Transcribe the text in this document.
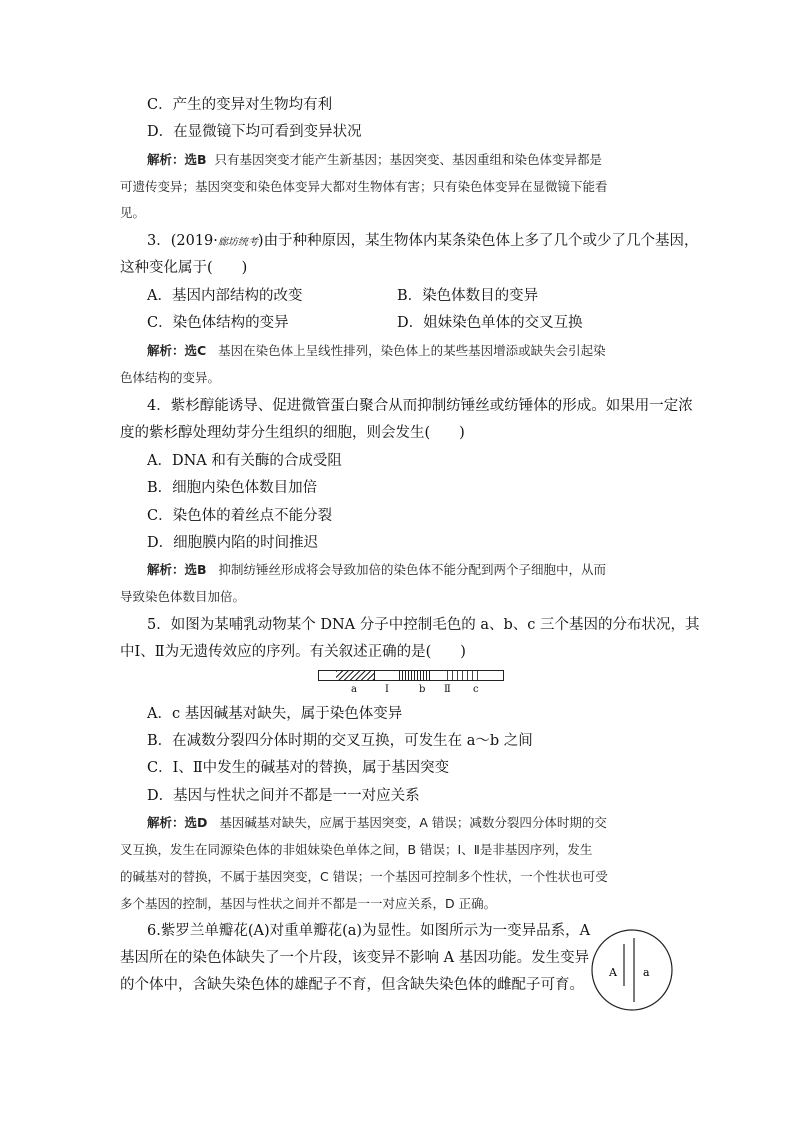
C．产生的变异对生物均有利
D．在显微镜下均可看到变异状况
解析：选B 只有基因突变才能产生新基因；基因突变、基因重组和染色体变异都是
可遗传变异；基因突变和染色体变异大都对生物体有害；只有染色体变异在显微镜下能看
见。
3．(2019·廊坊统考)由于种种原因，某生物体内某条染色体上多了几个或少了几个基因，
这种变化属于(　　)
A．基因内部结构的改变	B．染色体数目的变异
C．染色体结构的变异	D．姐妹染色单体的交叉互换
解析：选C 基因在染色体上呈线性排列，染色体上的某些基因增添或缺失会引起染
色体结构的变异。
4．紫杉醇能诱导、促进微管蛋白聚合从而抑制纺锤丝或纺锤体的形成。如果用一定浓
度的紫杉醇处理幼芽分生组织的细胞，则会发生(　　)
A．DNA 和有关酶的合成受阻
B．细胞内染色体数目加倍
C．染色体的着丝点不能分裂
D．细胞膜内陷的时间推迟
解析：选B 抑制纺锤丝形成将会导致加倍的染色体不能分配到两个子细胞中，从而
导致染色体数目加倍。
5．如图为某哺乳动物某个 DNA 分子中控制毛色的 a、b、c 三个基因的分布状况，其
中Ⅰ、Ⅱ为无遗传效应的序列。有关叙述正确的是(　　)
a	Ⅰ	b Ⅱ c
A．c 基因碱基对缺失，属于染色体变异
B．在减数分裂四分体时期的交叉互换，可发生在 a～b 之间
C．Ⅰ、Ⅱ中发生的碱基对的替换，属于基因突变
D．基因与性状之间并不都是一一对应关系
解析：选D 基因碱基对缺失，应属于基因突变，A 错误；减数分裂四分体时期的交
叉互换，发生在同源染色体的非姐妹染色单体之间，B 错误；Ⅰ、Ⅱ是非基因序列，发生
的碱基对的替换，不属于基因突变，C 错误；一个基因可控制多个性状，一个性状也可受
多个基因的控制，基因与性状之间并不都是一一对应关系，D 正确。
6.紫罗兰单瓣花(A)对重单瓣花(a)为显性。如图所示为一变异品系，A
基因所在的染色体缺失了一个片段，该变异不影响 A 基因功能。发生变异
的个体中，含缺失染色体的雄配子不育，但含缺失染色体的雌配子可育。
A a
